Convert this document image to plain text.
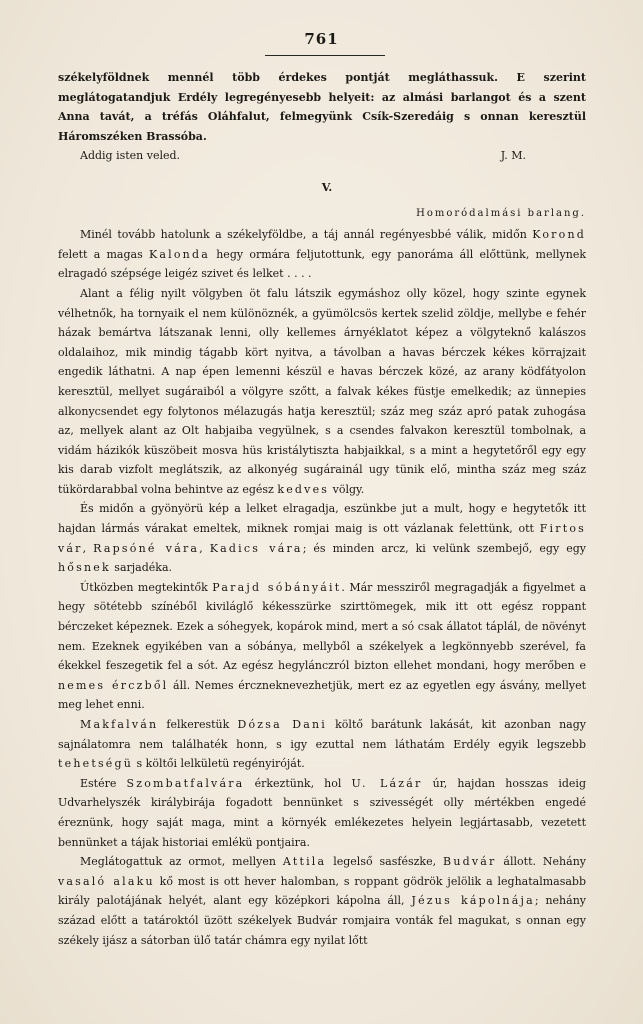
761

székelyföldnek mennél több érdekes pontját megláthassuk. E szerint meglátogatandjuk Erdély legregényesebb helyeit: az almási barlangot és a szent Anna tavát, a tréfás Oláhfalut, felmegyünk Csík-Szeredáig s onnan keresztül Háromszéken Brassóba.

Addig isten veled.	J. M.
V.
Homoródalmási barlang.

Minél tovább hatolunk a székelyföldbe, a táj annál regényesbbé válik, midőn Korond felett a magas Kalonda hegy ormára feljutottunk, egy panoráma áll előttünk, mellynek elragadó szépsége leigéz szivet és lelket . . . .

Alant a félig nyilt völgyben öt falu látszik egymáshoz olly közel, hogy szinte egynek vélhetnők, ha tornyaik el nem különöznék, a gyümölcsös kertek szelid zöldje, mellybe e fehér házak bemártva látszanak lenni, olly kellemes árnyéklatot képez a völgyteknő kalászos oldalaihoz, mik mindig tágabb kört nyitva, a távolban a havas bérczek kékes körrajzait engedik láthatni. A nap épen lemenni készül e havas bérczek közé, az arany ködfátyolon keresztül, mellyet sugáraiból a völgyre szőtt, a falvak kékes füstje emelkedik; az ünnepies alkonycsendet egy folytonos mélazugás hatja keresztül; száz meg száz apró patak zuhogása az, mellyek alant az Olt habjaiba vegyülnek, s a csendes falvakon keresztül tombolnak, a vidám házikók küszöbeit mosva hüs kristálytiszta habjaikkal, s a mint a hegytetőről egy egy kis darab vizfolt meglátszik, az alkonyég sugárainál ugy tünik elő, mintha száz meg száz tükördarabbal volna behintve az egész kedves völgy.

És midőn a gyönyörü kép a lelket elragadja, eszünkbe jut a mult, hogy e hegytetők itt hajdan lármás várakat emeltek, miknek romjai maig is ott vázlanak felettünk, ott Firtos vár, Rapsóné vára, Kadics vára; és minden arcz, ki velünk szembejő, egy egy hősnek sarjadéka.

Útközben megtekintők Parajd sóbányáit. Már messziről megragadják a figyelmet a hegy sötétebb színéből kiviláglő kékesszürke szirttömegek, mik itt ott egész roppant bérczeket képeznek. Ezek a sóhegyek, kopárok mind, mert a só csak állatot táplál, de növényt nem. Ezeknek egyikében van a sóbánya, mellyből a székelyek a legkönnyebb szerével, fa ékekkel feszegetik fel a sót. Az egész hegylánczról bizton ellehet mondani, hogy merőben e nemes érczből áll. Nemes érczneknevezhetjük, mert ez az egyetlen egy ásvány, mellyet meg lehet enni.

Makfalván felkerestük Dózsa Dani költő barátunk lakását, kit azonban nagy sajnálatomra nem találhaték honn, s igy ezuttal nem láthatám Erdély egyik legszebb tehetségü s költői lelkületü regényiróját.

Estére Szombatfalvára érkeztünk, hol U. Lázár úr, hajdan hosszas ideig Udvarhelyszék királybirája fogadott bennünket s szivességét olly mértékben engedé éreznünk, hogy saját maga, mint a környék emlékezetes helyein legjártasabb, vezetett bennünket a tájak historiai emlékü pontjaira.

Meglátogattuk az ormot, mellyen Attila legelső sasfészke, Budvár állott. Nehány vasaló alaku kő most is ott hever halomban, s roppant gödrök jelölik a leghatalmasabb király palotájának helyét, alant egy középkori kápolna áll, Jézus kápolnája; nehány század előtt a tatároktól üzött székelyek Budvár romjaira vonták fel magukat, s onnan egy székely ijász a sátorban ülő tatár chámra egy nyilat lőtt
